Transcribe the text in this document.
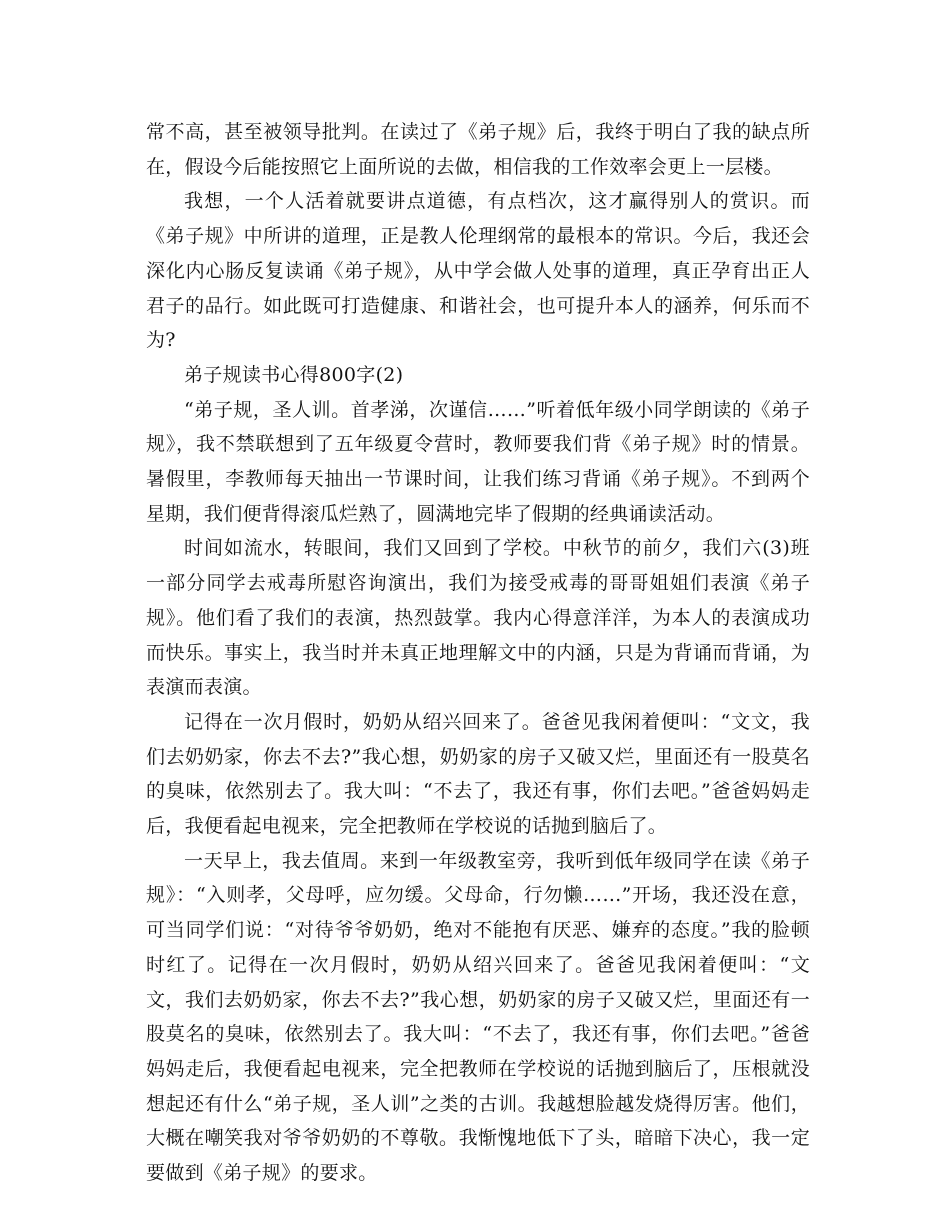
常不高，甚至被领导批判。在读过了《弟子规》后，我终于明白了我的缺点所在，假设今后能按照它上面所说的去做，相信我的工作效率会更上一层楼。

我想，一个人活着就要讲点道德，有点档次，这才赢得别人的赏识。而《弟子规》中所讲的道理，正是教人伦理纲常的最根本的常识。今后，我还会深化内心肠反复读诵《弟子规》，从中学会做人处事的道理，真正孕育出正人君子的品行。如此既可打造健康、和谐社会，也可提升本人的涵养，何乐而不为?

弟子规读书心得800字(2)

“弟子规，圣人训。首孝涕，次谨信……”听着低年级小同学朗读的《弟子规》，我不禁联想到了五年级夏令营时，教师要我们背《弟子规》时的情景。暑假里，李教师每天抽出一节课时间，让我们练习背诵《弟子规》。不到两个星期，我们便背得滚瓜烂熟了，圆满地完毕了假期的经典诵读活动。

时间如流水，转眼间，我们又回到了学校。中秋节的前夕，我们六(3)班一部分同学去戒毒所慰咨询演出，我们为接受戒毒的哥哥姐姐们表演《弟子规》。他们看了我们的表演，热烈鼓掌。我内心得意洋洋，为本人的表演成功而快乐。事实上，我当时并未真正地理解文中的内涵，只是为背诵而背诵，为表演而表演。

记得在一次月假时，奶奶从绍兴回来了。爸爸见我闲着便叫：“文文，我们去奶奶家，你去不去?”我心想，奶奶家的房子又破又烂，里面还有一股莫名的臭味，依然别去了。我大叫：“不去了，我还有事，你们去吧。”爸爸妈妈走后，我便看起电视来，完全把教师在学校说的话抛到脑后了。

一天早上，我去值周。来到一年级教室旁，我听到低年级同学在读《弟子规》：“入则孝，父母呼，应勿缓。父母命，行勿懒……”开场，我还没在意，可当同学们说：“对待爷爷奶奶，绝对不能抱有厌恶、嫌弃的态度。”我的脸顿时红了。记得在一次月假时，奶奶从绍兴回来了。爸爸见我闲着便叫：“文文，我们去奶奶家，你去不去?”我心想，奶奶家的房子又破又烂，里面还有一股莫名的臭味，依然别去了。我大叫：“不去了，我还有事，你们去吧。”爸爸妈妈走后，我便看起电视来，完全把教师在学校说的话抛到脑后了，压根就没想起还有什么“弟子规，圣人训”之类的古训。我越想脸越发烧得厉害。他们，大概在嘲笑我对爷爷奶奶的不尊敬。我惭愧地低下了头，暗暗下决心，我一定要做到《弟子规》的要求。
